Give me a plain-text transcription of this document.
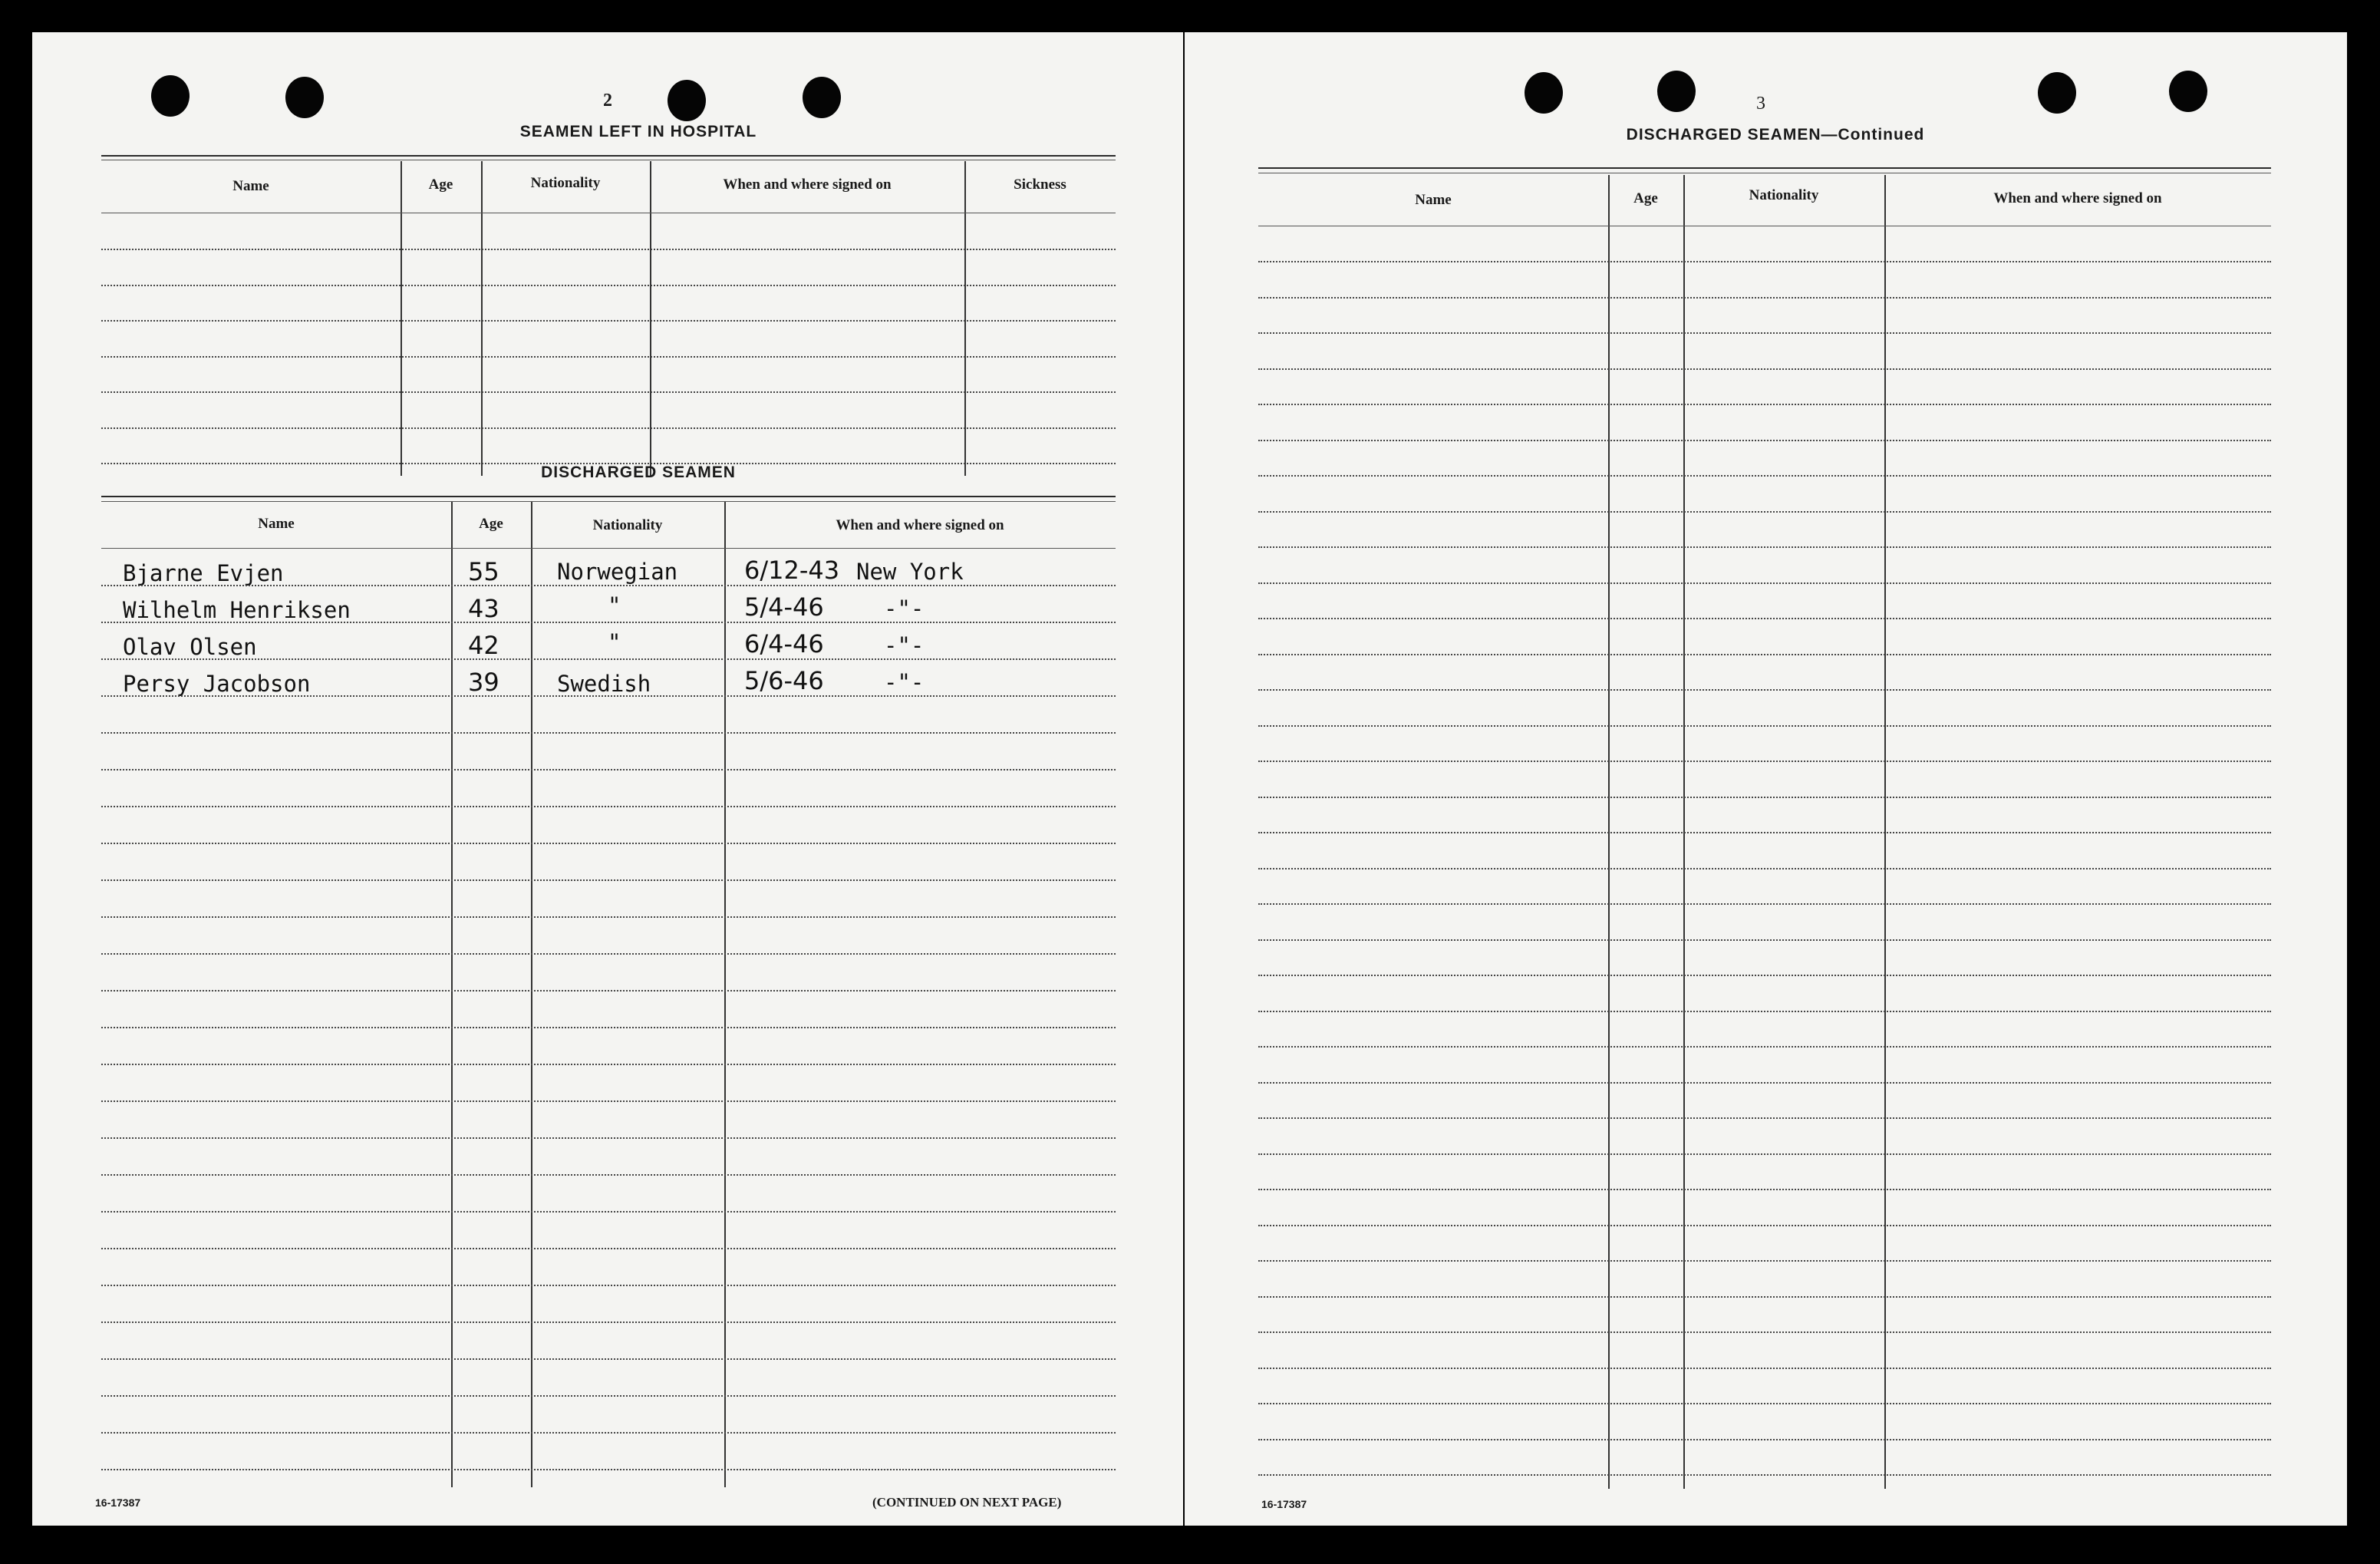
2
SEAMEN LEFT IN HOSPITAL
Name	Age	Nationality	When and where signed on	Sickness
DISCHARGED SEAMEN
Name	Age	Nationality	When and where signed on
Bjarne Evjen	55	Norwegian	6/12-43 New York
Wilhelm Henriksen	43	"	5/4-46	-"-
Olav Olsen	42	"	6/4-46	-"-
Persy Jacobson	39	Swedish	5/6-46	-"-
16-17387	(CONTINUED ON NEXT PAGE)
3
DISCHARGED SEAMEN—Continued
Name	Age	Nationality	When and where signed on
16-17387
